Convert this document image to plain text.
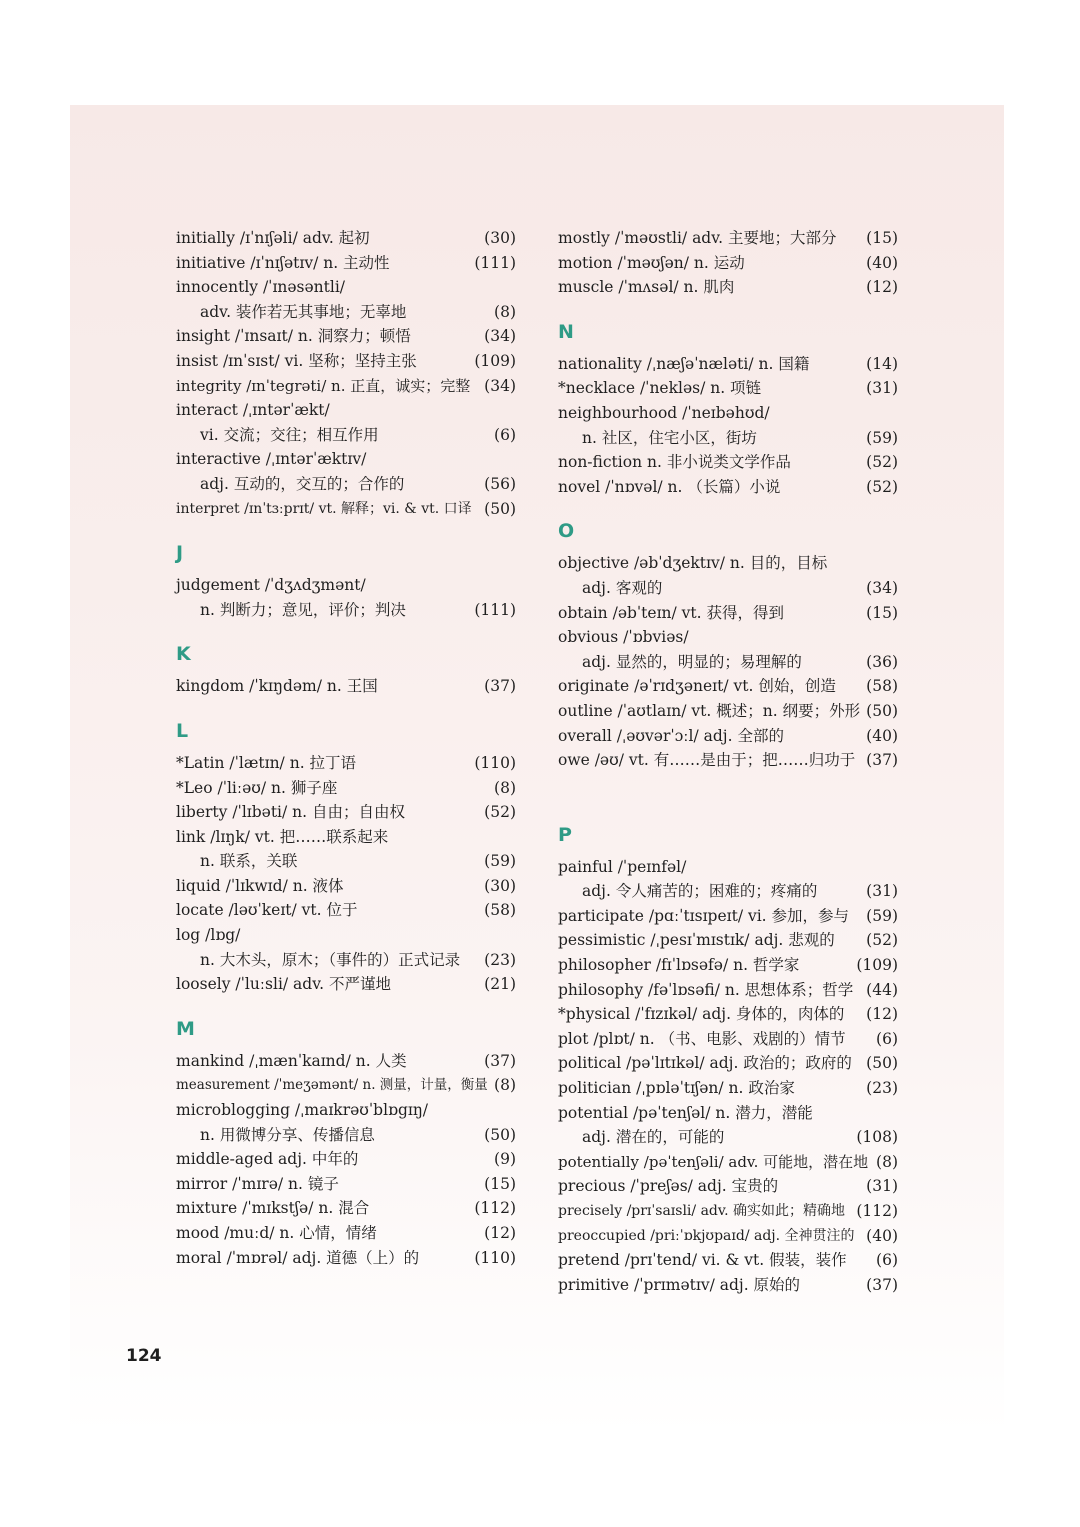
initially /ɪˈnɪʃəli/ adv. 起初	(30)
initiative /ɪˈnɪʃətɪv/ n. 主动性	(111)
innocently /ˈɪnəsəntli/
adv. 装作若无其事地；无辜地	(8)
insight /ˈɪnsaɪt/ n. 洞察力；顿悟	(34)
insist /ɪnˈsɪst/ vi. 坚称；坚持主张	(109)
integrity /ɪnˈtegrəti/ n. 正直，诚实；完整 (34)
interact /ˌɪntərˈækt/
vi. 交流；交往；相互作用	(6)
interactive /ˌɪntərˈæktɪv/
adj. 互动的，交互的；合作的	(56)
interpret /ɪnˈtɜːprɪt/ vt. 解释；vi. & vt. 口译 (50)
J
judgement /ˈdʒʌdʒmənt/
n. 判断力；意见，评价；判决	(111)
K
kingdom /ˈkɪŋdəm/ n. 王国	(37)
L
*Latin /ˈlætɪn/ n. 拉丁语	(110)
*Leo /ˈliːəʊ/ n. 狮子座	(8)
liberty /ˈlɪbəti/ n. 自由；自由权	(52)
link /lɪŋk/ vt. 把……联系起来
n. 联系，关联	(59)
liquid /ˈlɪkwɪd/ n. 液体	(30)
locate /ləʊˈkeɪt/ vt. 位于	(58)
log /lɒg/
n. 大木头，原木；（事件的）正式记录 (23)
loosely /ˈluːsli/ adv. 不严谨地	(21)
M
mankind /ˌmænˈkaɪnd/ n. 人类	(37)
measurement /ˈmeʒəmənt/ n. 测量，计量，衡量 (8)
microblogging /ˌmaɪkrəʊˈblɒgɪŋ/
n. 用微博分享、传播信息	(50)
middle-aged adj. 中年的	(9)
mirror /ˈmɪrə/ n. 镜子	(15)
mixture /ˈmɪkstʃə/ n. 混合	(112)
mood /muːd/ n. 心情，情绪	(12)
moral /ˈmɒrəl/ adj. 道德（上）的	(110)
mostly /ˈməʊstli/ adv. 主要地；大部分 (15)
motion /ˈməʊʃən/ n. 运动	(40)
muscle /ˈmʌsəl/ n. 肌肉	(12)
N
nationality /ˌnæʃəˈnæləti/ n. 国籍	(14)
*necklace /ˈnekləs/ n. 项链	(31)
neighbourhood /ˈneɪbəhʊd/
n. 社区，住宅小区，街坊	(59)
non-fiction n. 非小说类文学作品	(52)
novel /ˈnɒvəl/ n. （长篇）小说	(52)
O
objective /əbˈdʒektɪv/ n. 目的，目标
adj. 客观的	(34)
obtain /əbˈteɪn/ vt. 获得，得到	(15)
obvious /ˈɒbviəs/
adj. 显然的，明显的；易理解的	(36)
originate /əˈrɪdʒəneɪt/ vt. 创始，创造 (58)
outline /ˈaʊtlaɪn/ vt. 概述；n. 纲要；外形 (50)
overall /ˌəʊvərˈɔːl/ adj. 全部的	(40)
owe /əʊ/ vt. 有……是由于；把……归功于 (37)
P
painful /ˈpeɪnfəl/
adj. 令人痛苦的；困难的；疼痛的	(31)
participate /pɑːˈtɪsɪpeɪt/ vi. 参加，参与 (59)
pessimistic /ˌpesɪˈmɪstɪk/ adj. 悲观的 (52)
philosopher /fɪˈlɒsəfə/ n. 哲学家	(109)
philosophy /fəˈlɒsəfi/ n. 思想体系；哲学 (44)
*physical /ˈfɪzɪkəl/ adj. 身体的，肉体的 (12)
plot /plɒt/ n. （书、电影、戏剧的）情节 (6)
political /pəˈlɪtɪkəl/ adj. 政治的；政府的 (50)
politician /ˌpɒləˈtɪʃən/ n. 政治家	(23)
potential /pəˈtenʃəl/ n. 潜力，潜能
adj. 潜在的，可能的	(108)
potentially /pəˈtenʃəli/ adv. 可能地，潜在地 (8)
precious /ˈpreʃəs/ adj. 宝贵的	(31)
precisely /prɪˈsaɪsli/ adv. 确实如此；精确地 (112)
preoccupied /priːˈɒkjʊpaɪd/ adj. 全神贯注的 (40)
pretend /prɪˈtend/ vi. & vt. 假装，装作 (6)
primitive /ˈprɪmətɪv/ adj. 原始的	(37)
124
